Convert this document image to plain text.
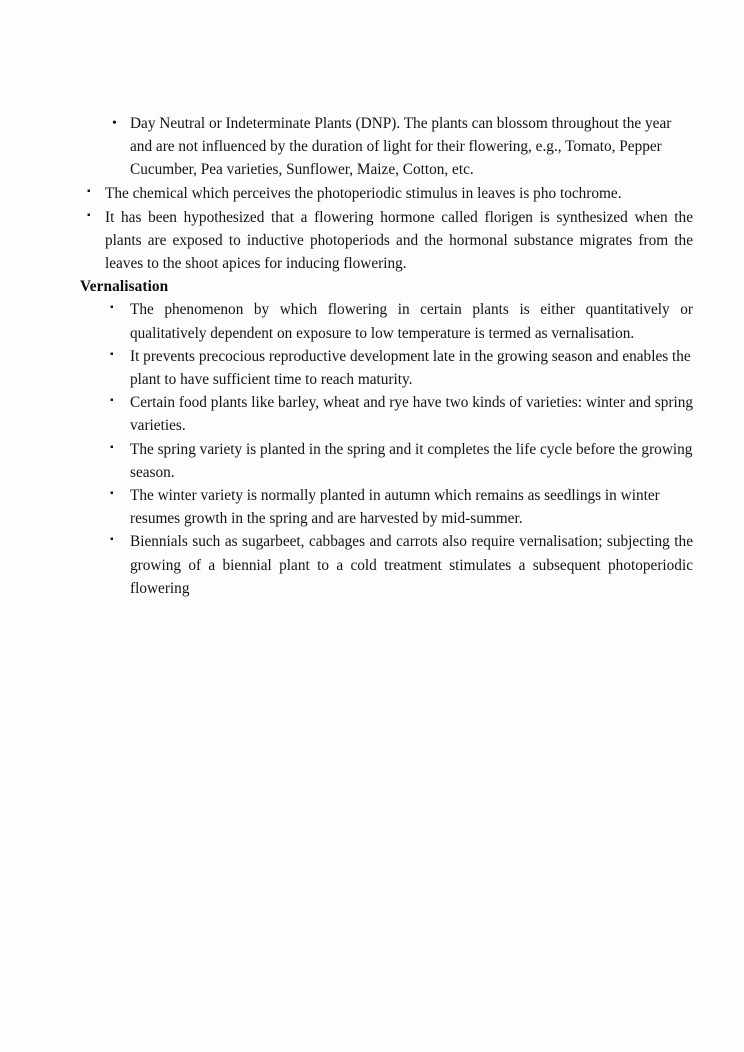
• Day Neutral or Indeterminate Plants (DNP). The plants can blossom throughout the year and are not influenced by the duration of light for their flowering, e.g., Tomato, Pepper Cucumber, Pea varieties, Sunflower, Maize, Cotton, etc.
▪ The chemical which perceives the photoperiodic stimulus in leaves is pho tochrome.
▪ It has been hypothesized that a flowering hormone called florigen is synthesized when the plants are exposed to inductive photoperiods and the hormonal substance migrates from the leaves to the shoot apices for inducing flowering.
Vernalisation
▪	The phenomenon by which flowering in certain plants is either quantitatively or qualitatively dependent on exposure to low temperature is termed as vernalisation.
▪	It prevents precocious reproductive development late in the growing season and enables the plant to have sufficient time to reach maturity.
▪	Certain food plants like barley, wheat and rye have two kinds of varieties: winter and spring varieties.
▪	The spring variety is planted in the spring and it completes the life cycle before the growing season.
▪	The winter variety is normally planted in autumn which remains as seedlings in winter resumes growth in the spring and are harvested by mid-summer.
▪	Biennials such as sugarbeet, cabbages and carrots also require vernalisation; subjecting the growing of a biennial plant to a cold treatment stimulates a subsequent photoperiodic flowering
